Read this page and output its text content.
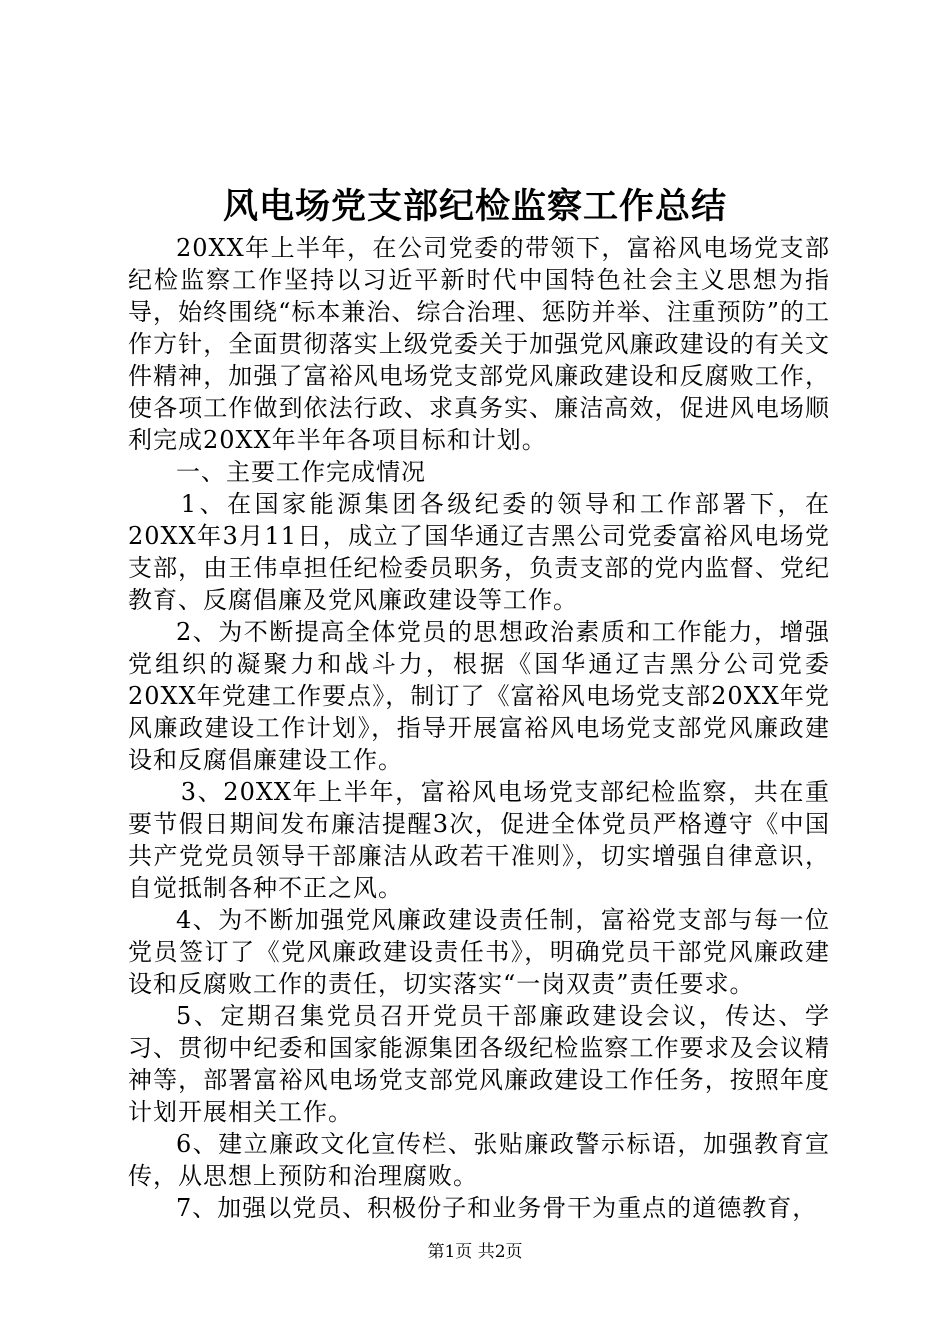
风电场党支部纪检监察工作总结

20XX年上半年，在公司党委的带领下，富裕风电场党支部纪检监察工作坚持以习近平新时代中国特色社会主义思想为指导，始终围绕“标本兼治、综合治理、惩防并举、注重预防”的工作方针，全面贯彻落实上级党委关于加强党风廉政建设的有关文件精神，加强了富裕风电场党支部党风廉政建设和反腐败工作，使各项工作做到依法行政、求真务实、廉洁高效，促进风电场顺利完成20XX年半年各项目标和计划。

一、主要工作完成情况

1、在国家能源集团各级纪委的领导和工作部署下，在20XX年3月11日，成立了国华通辽吉黑公司党委富裕风电场党支部，由王伟卓担任纪检委员职务，负责支部的党内监督、党纪教育、反腐倡廉及党风廉政建设等工作。

2、为不断提高全体党员的思想政治素质和工作能力，增强党组织的凝聚力和战斗力，根据《国华通辽吉黑分公司党委20XX年党建工作要点》，制订了《富裕风电场党支部20XX年党风廉政建设工作计划》，指导开展富裕风电场党支部党风廉政建设和反腐倡廉建设工作。

3、20XX年上半年，富裕风电场党支部纪检监察，共在重要节假日期间发布廉洁提醒3次，促进全体党员严格遵守《中国共产党党员领导干部廉洁从政若干准则》，切实增强自律意识，自觉抵制各种不正之风。

4、为不断加强党风廉政建设责任制，富裕党支部与每一位党员签订了《党风廉政建设责任书》，明确党员干部党风廉政建设和反腐败工作的责任，切实落实“一岗双责”责任要求。

5、定期召集党员召开党员干部廉政建设会议，传达、学习、贯彻中纪委和国家能源集团各级纪检监察工作要求及会议精神等，部署富裕风电场党支部党风廉政建设工作任务，按照年度计划开展相关工作。

6、建立廉政文化宣传栏、张贴廉政警示标语，加强教育宣传，从思想上预防和治理腐败。

7、加强以党员、积极份子和业务骨干为重点的道德教育，

第1页 共2页
